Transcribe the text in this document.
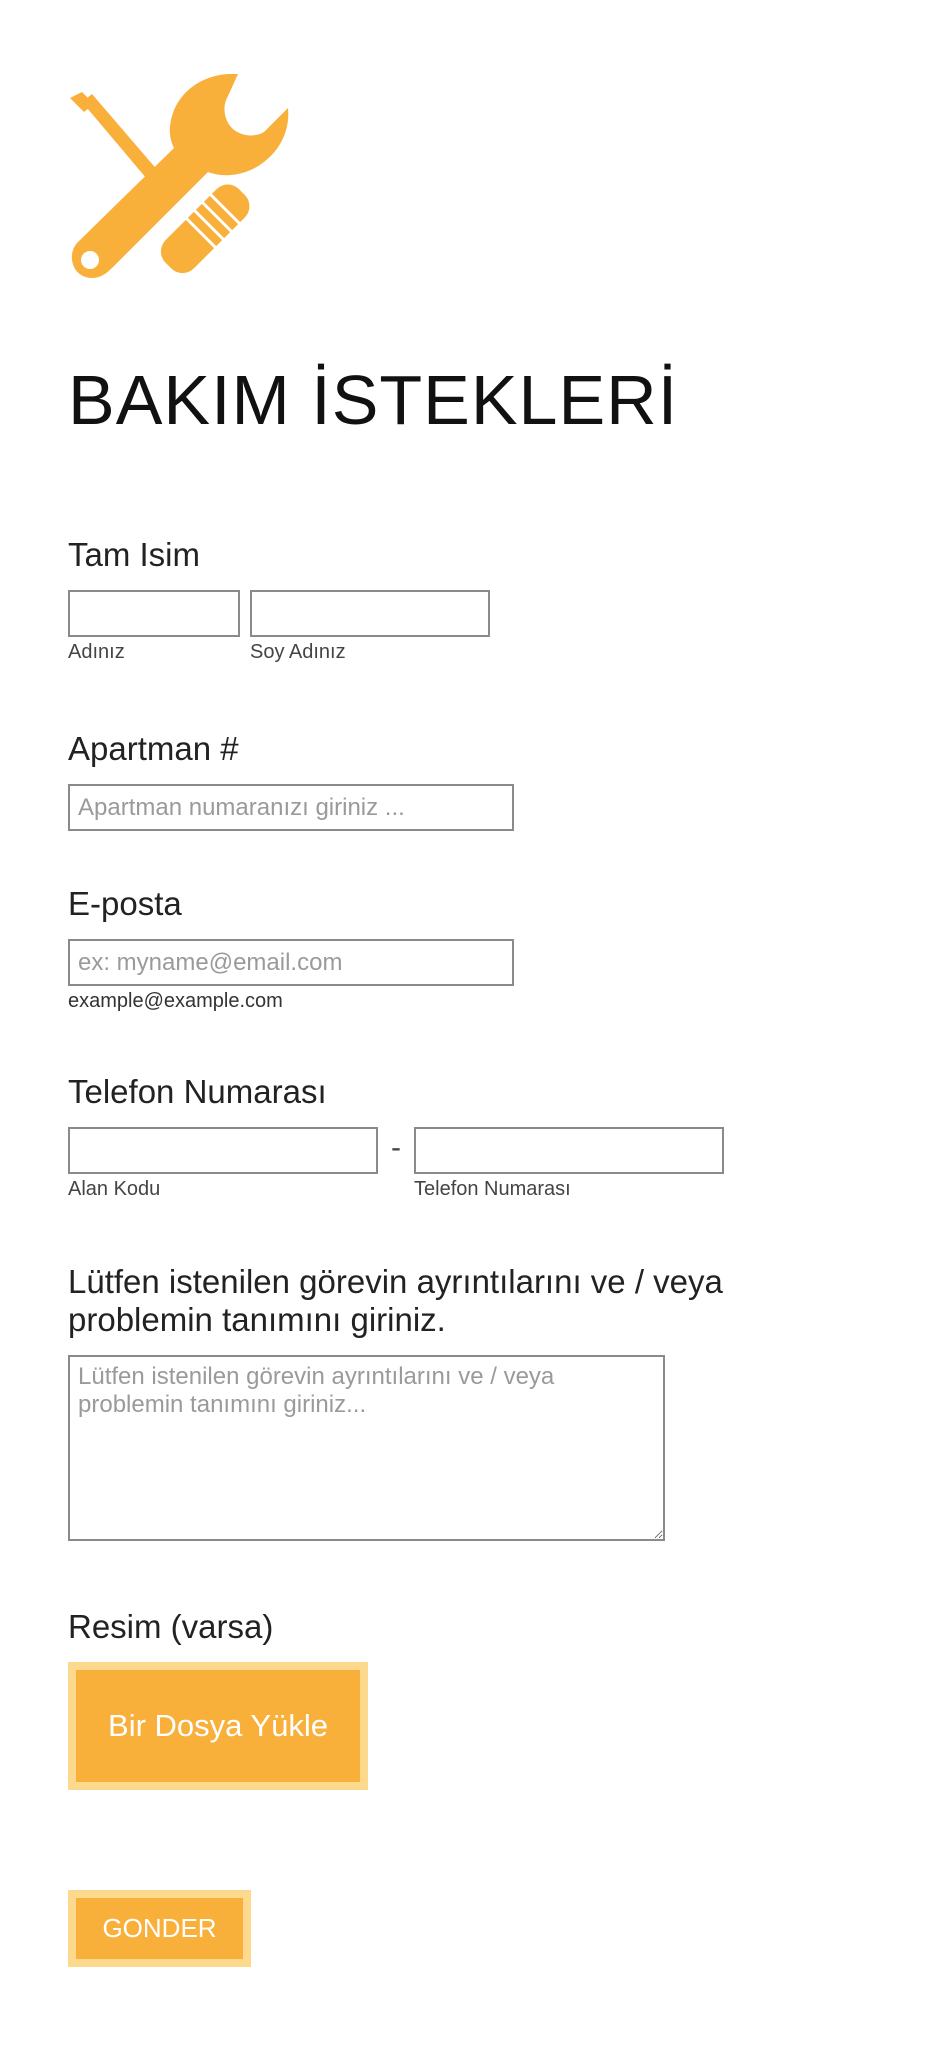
BAKIM İSTEKLERİ
Tam Isim
Adınız	Soy Adınız
Apartman #
Apartman numaranızı giriniz ...
E-posta
ex: myname@email.com
example@example.com
Telefon Numarası
Alan Kodu
-
Telefon Numarası
Lütfen istenilen görevin ayrıntılarını ve / veya problemin tanımını giriniz.
Lütfen istenilen görevin ayrıntılarını ve / veya problemin tanımını giriniz...
Resim (varsa)
Bir Dosya Yükle
GONDER
